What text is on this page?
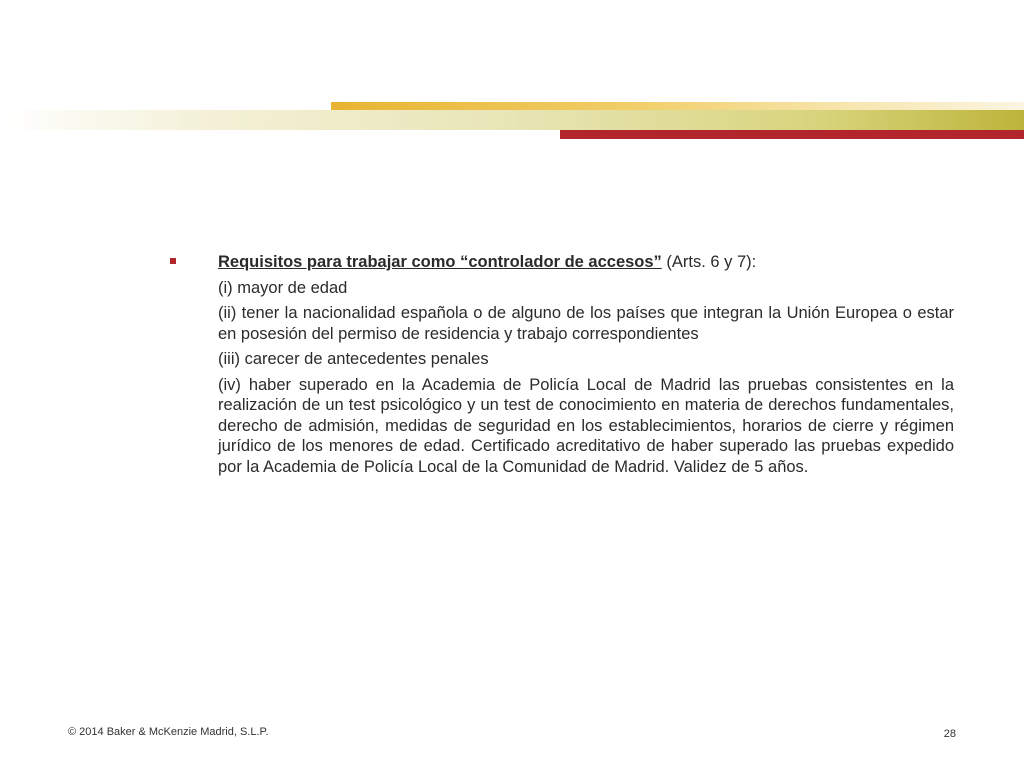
Requisitos para trabajar como “controlador de accesos” (Arts. 6 y 7):

(i) mayor de edad

(ii) tener la nacionalidad española o de alguno de los países que integran la Unión Europea o estar en posesión del permiso de residencia y trabajo correspondientes

(iii) carecer de antecedentes penales

(iv) haber superado en la Academia de Policía Local de Madrid las pruebas consistentes en la realización de un test psicológico y un test de conocimiento en materia de derechos fundamentales, derecho de admisión, medidas de seguridad en los establecimientos, horarios de cierre y régimen jurídico de los menores de edad. Certificado acreditativo de haber superado las pruebas expedido por la Academia de Policía Local de la Comunidad de Madrid. Validez de 5 años.

© 2014 Baker & McKenzie Madrid, S.L.P.	28
